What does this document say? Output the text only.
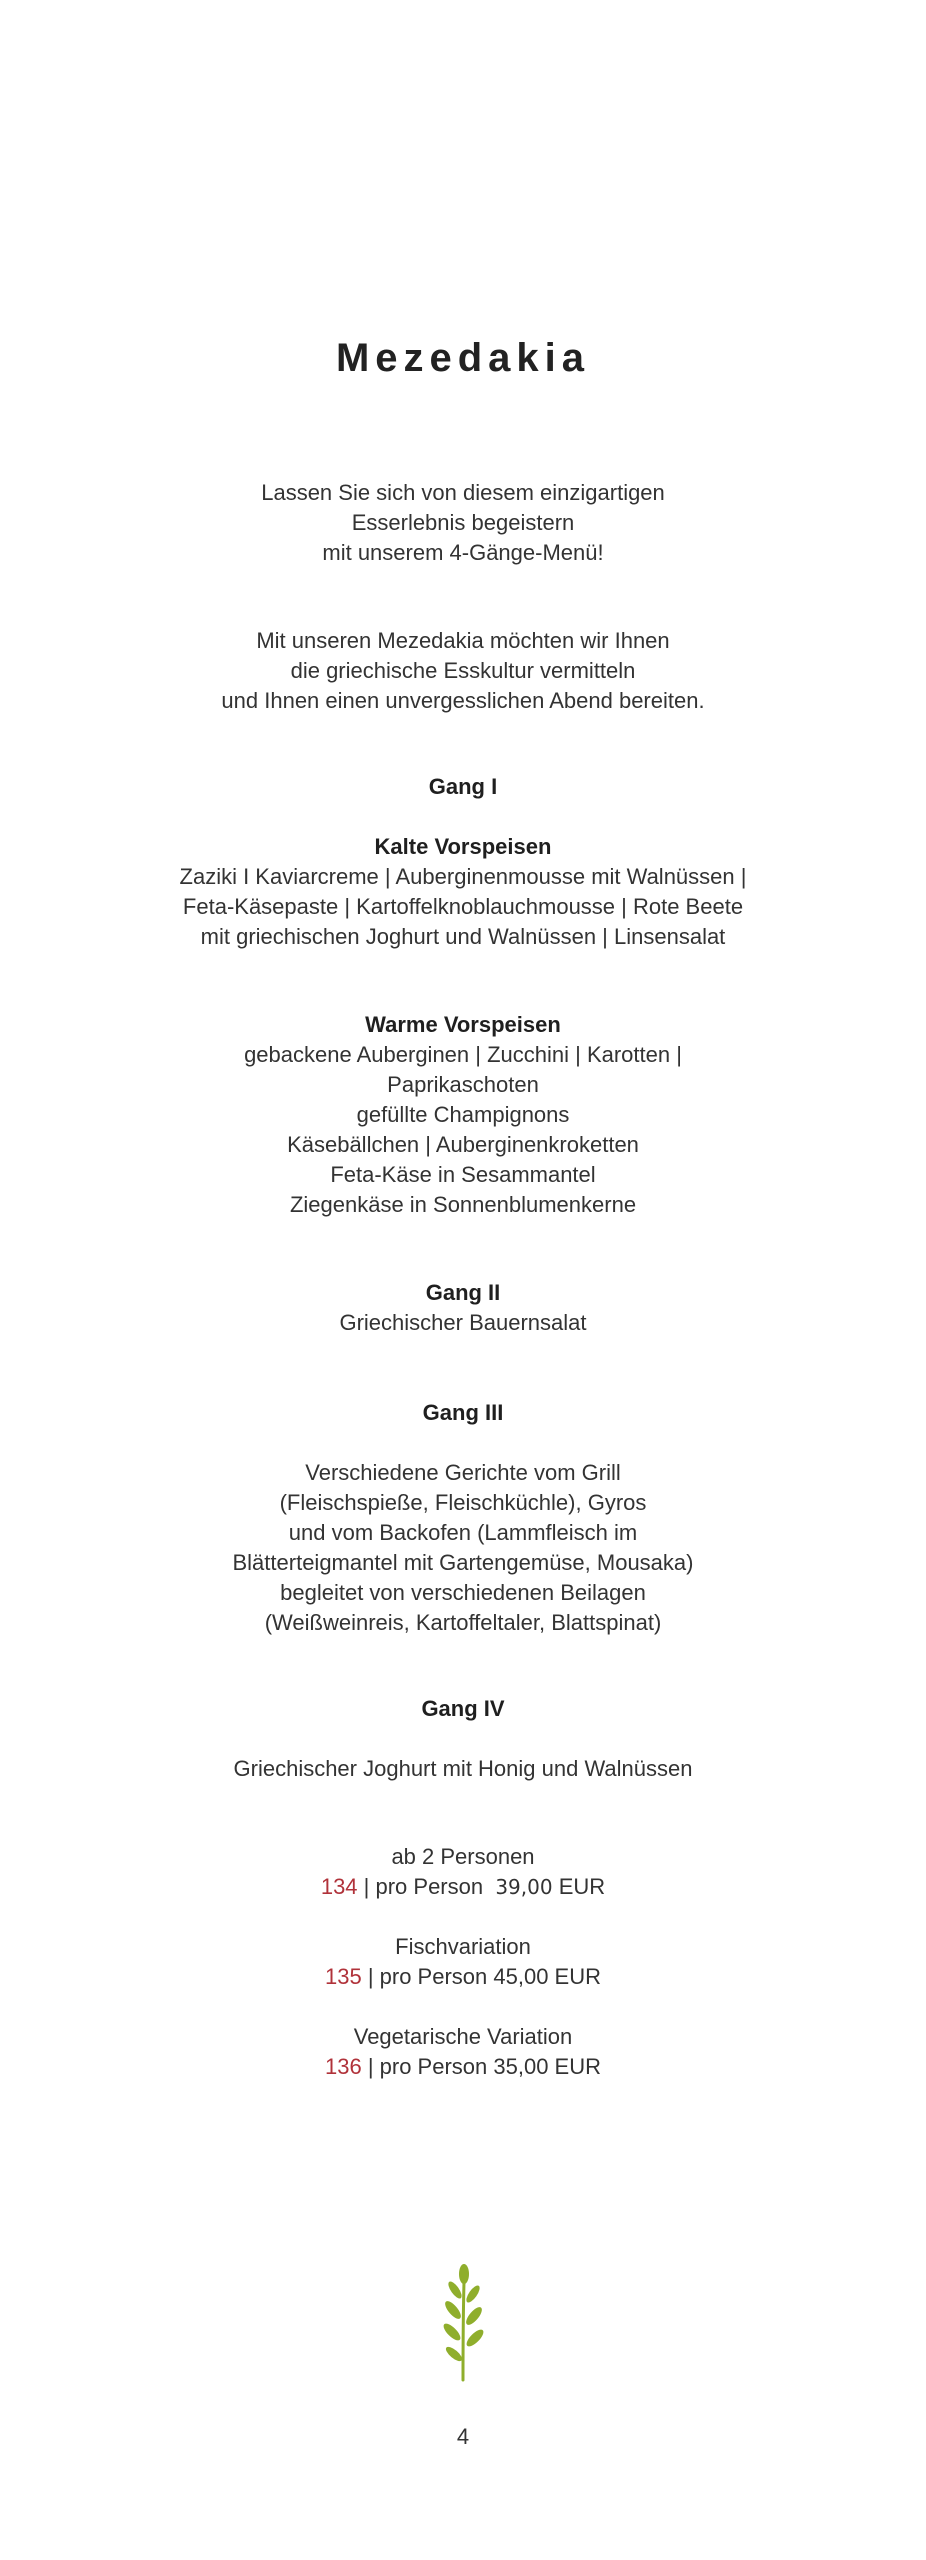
Mezedakia
Lassen Sie sich von diesem einzigartigen
Esserlebnis begeistern
mit unserem 4-Gänge-Menü!
Mit unseren Mezedakia möchten wir Ihnen
die griechische Esskultur vermitteln
und Ihnen einen unvergesslichen Abend bereiten.
Gang I
Kalte Vorspeisen
Zaziki I Kaviarcreme | Auberginenmousse mit Walnüssen |
Feta-Käsepaste | Kartoffelknoblauchmousse | Rote Beete
mit griechischen Joghurt und Walnüssen | Linsensalat
Warme Vorspeisen
gebackene Auberginen | Zucchini | Karotten |
Paprikaschoten
gefüllte Champignons
Käsebällchen | Auberginenkroketten
Feta-Käse in Sesammantel
Ziegenkäse in Sonnenblumenkerne
Gang II
Griechischer Bauernsalat
Gang III
Verschiedene Gerichte vom Grill
(Fleischspieße, Fleischküchle), Gyros
und vom Backofen (Lammfleisch im
Blätterteigmantel mit Gartengemüse, Mousaka)
begleitet von verschiedenen Beilagen
(Weißweinreis, Kartoffeltaler, Blattspinat)
Gang IV
Griechischer Joghurt mit Honig und Walnüssen
ab 2 Personen
134 | pro Person  39,00 EUR
Fischvariation
135 | pro Person 45,00 EUR
Vegetarische Variation
136 | pro Person 35,00 EUR
4
